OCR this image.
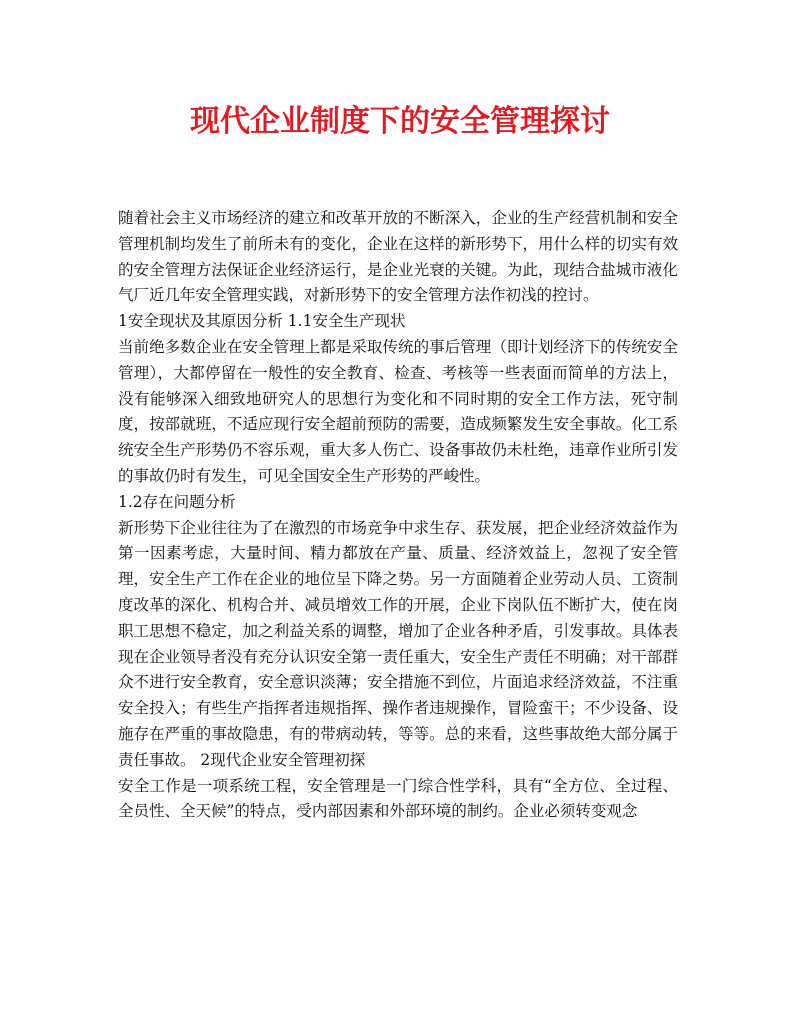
现代企业制度下的安全管理探讨

随着社会主义市场经济的建立和改革开放的不断深入，企业的生产经营机制和安全管理机制均发生了前所未有的变化，企业在这样的新形势下，用什么样的切实有效的安全管理方法保证企业经济运行，是企业光衰的关键。为此，现结合盐城市液化气厂近几年安全管理实践，对新形势下的安全管理方法作初浅的控讨。

1安全现状及其原因分析 1.1安全生产现状

当前绝多数企业在安全管理上都是采取传统的事后管理（即计划经济下的传统安全管理），大都停留在一般性的安全教育、检查、考核等一些表面而简单的方法上，没有能够深入细致地研究人的思想行为变化和不同时期的安全工作方法，死守制度，按部就班，不适应现行安全超前预防的需要，造成频繁发生安全事故。化工系统安全生产形势仍不容乐观，重大多人伤亡、设备事故仍未杜绝，违章作业所引发的事故仍时有发生，可见全国安全生产形势的严峻性。

1.2存在问题分析

新形势下企业往往为了在激烈的市场竞争中求生存、获发展，把企业经济效益作为第一因素考虑，大量时间、精力都放在产量、质量、经济效益上，忽视了安全管理，安全生产工作在企业的地位呈下降之势。另一方面随着企业劳动人员、工资制度改革的深化、机构合并、减员增效工作的开展，企业下岗队伍不断扩大，使在岗职工思想不稳定，加之利益关系的调整，增加了企业各种矛盾，引发事故。具体表现在企业领导者没有充分认识安全第一责任重大，安全生产责任不明确；对干部群众不进行安全教育，安全意识淡薄；安全措施不到位，片面追求经济效益，不注重安全投入；有些生产指挥者违规指挥、操作者违规操作，冒险蛮干；不少设备、设施存在严重的事故隐患，有的带病动转，等等。总的来看，这些事故绝大部分属于责任事故。 2现代企业安全管理初探

安全工作是一项系统工程，安全管理是一门综合性学科，具有“全方位、全过程、全员性、全天候”的特点，受内部因素和外部环境的制约。企业必须转变观念
